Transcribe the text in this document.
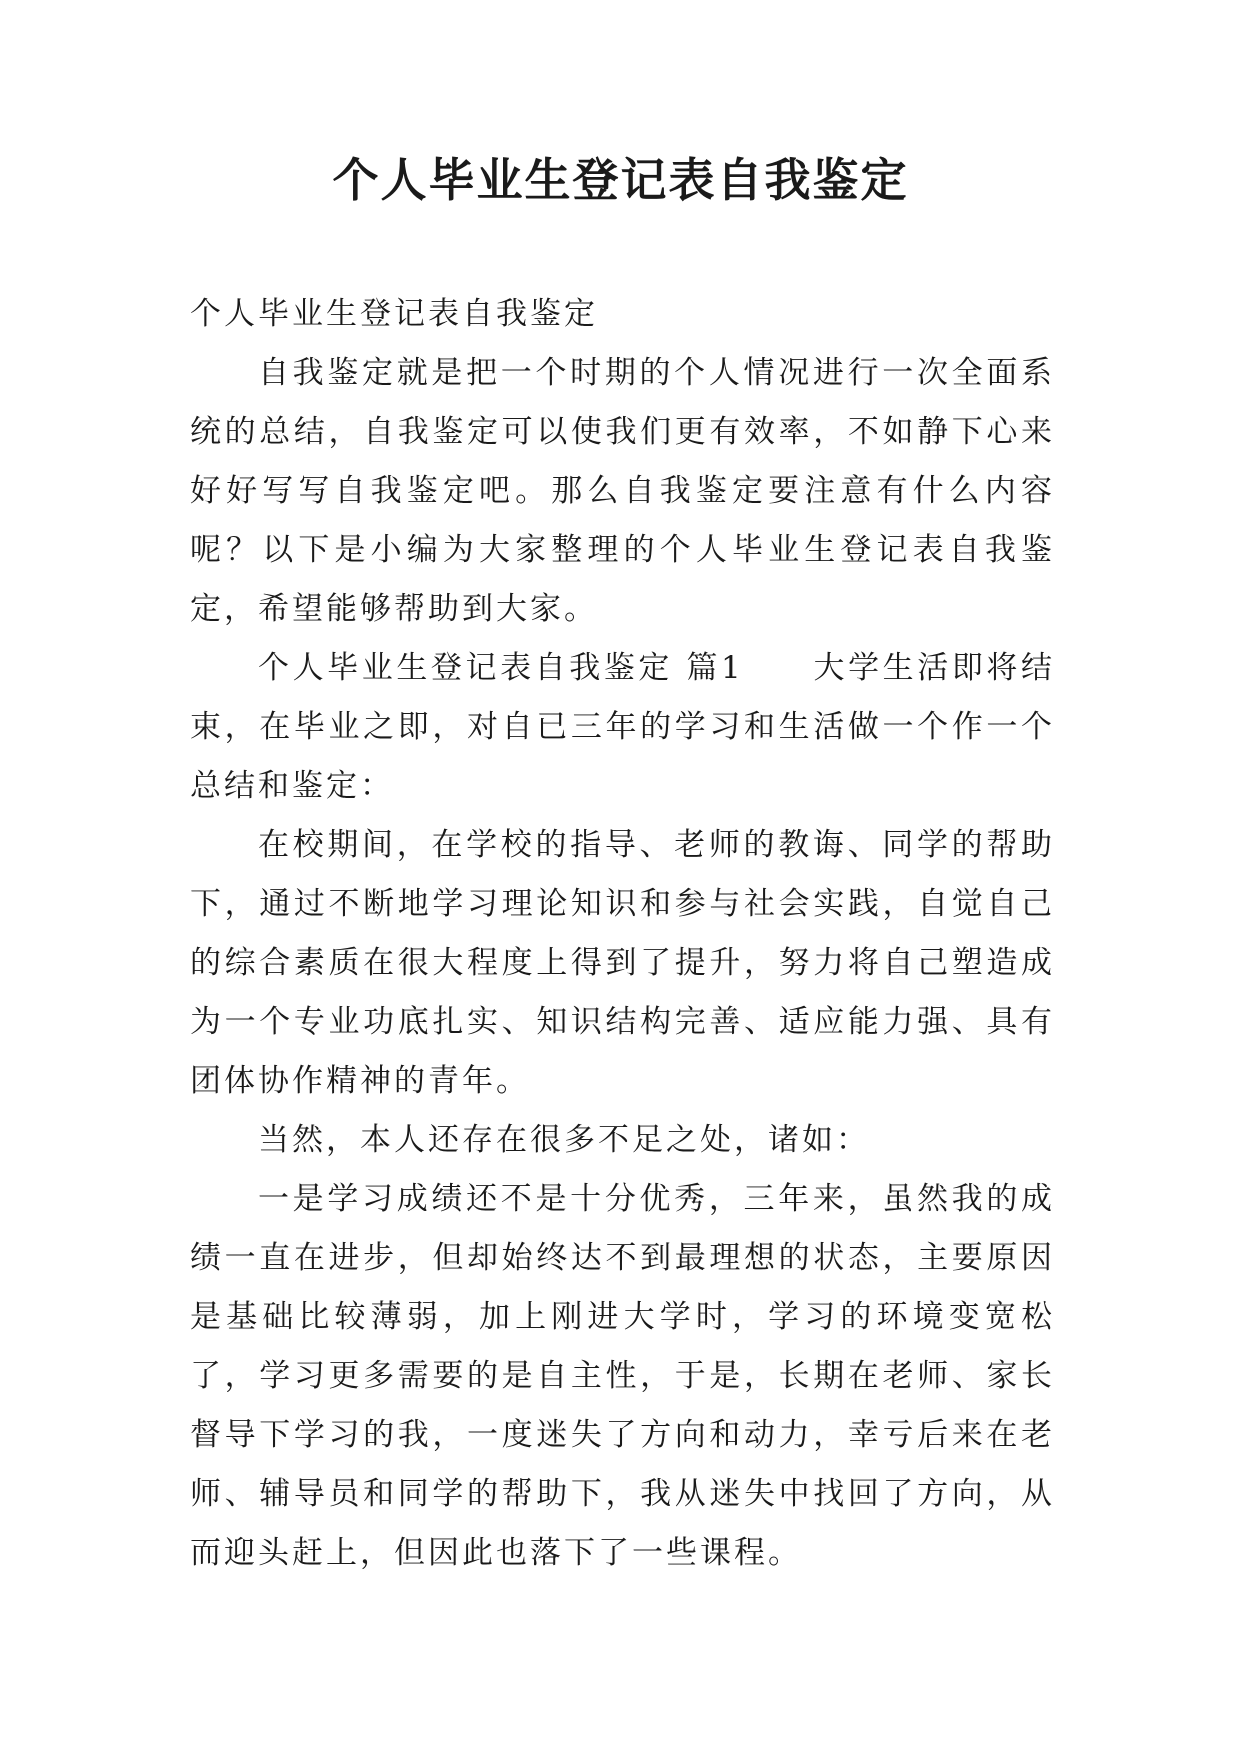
个人毕业生登记表自我鉴定

个人毕业生登记表自我鉴定

自我鉴定就是把一个时期的个人情况进行一次全面系统的总结，自我鉴定可以使我们更有效率，不如静下心来好好写写自我鉴定吧。那么自我鉴定要注意有什么内容呢？以下是小编为大家整理的个人毕业生登记表自我鉴定，希望能够帮助到大家。

个人毕业生登记表自我鉴定 篇1　　大学生活即将结束，在毕业之即，对自已三年的学习和生活做一个作一个总结和鉴定：

在校期间，在学校的指导、老师的教诲、同学的帮助下，通过不断地学习理论知识和参与社会实践，自觉自己的综合素质在很大程度上得到了提升，努力将自己塑造成为一个专业功底扎实、知识结构完善、适应能力强、具有团体协作精神的青年。

当然，本人还存在很多不足之处，诸如：

一是学习成绩还不是十分优秀，三年来，虽然我的成绩一直在进步，但却始终达不到最理想的状态，主要原因是基础比较薄弱，加上刚进大学时，学习的环境变宽松了，学习更多需要的是自主性，于是，长期在老师、家长督导下学习的我，一度迷失了方向和动力，幸亏后来在老师、辅导员和同学的帮助下，我从迷失中找回了方向，从而迎头赶上，但因此也落下了一些课程。
